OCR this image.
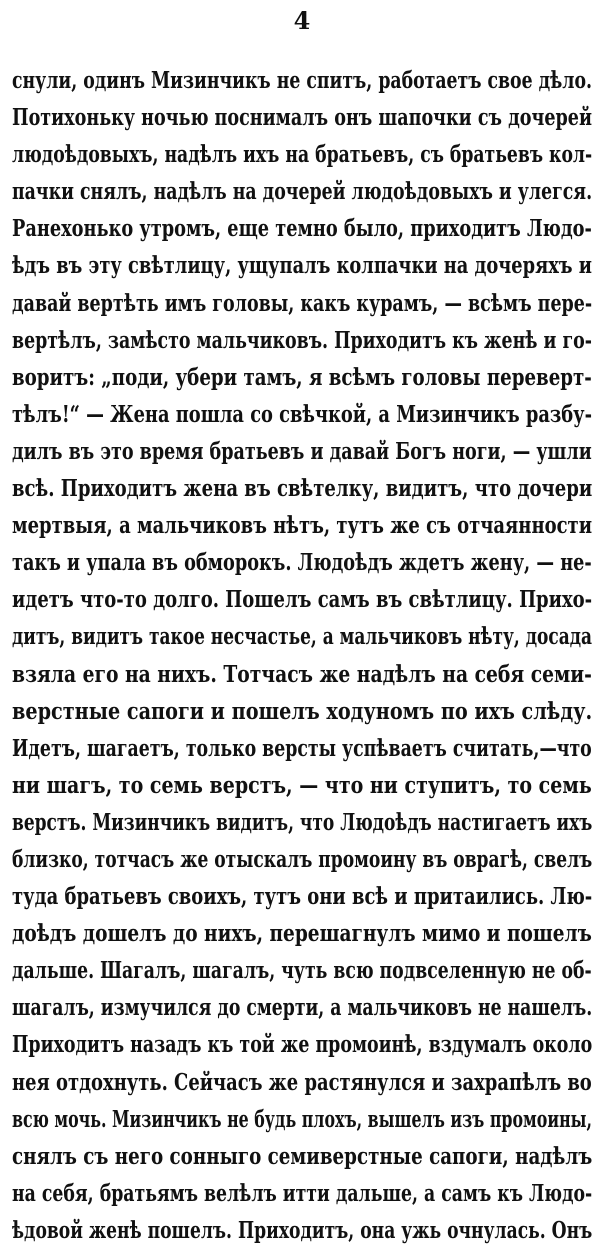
4
снули, одинъ Мизинчикъ не спитъ, работаетъ свое дѣло.
Потихоньку ночью поснималъ онъ шапочки съ дочерей
людоѣдовыхъ, надѣлъ ихъ на братьевъ, съ братьевъ кол-
пачки снялъ, надѣлъ на дочерей людоѣдовыхъ и улегся.
Ранехонько утромъ, еще темно было, приходитъ Людо-
ѣдъ въ эту свѣтлицу, ущупалъ колпачки на дочеряхъ и
давай вертѣть имъ головы, какъ курамъ, — всѣмъ пере-
вертѣлъ, замѣсто мальчиковъ. Приходитъ къ женѣ и го-
воритъ: „поди, убери тамъ, я всѣмъ головы переверт-
тѣлъ!“ — Жена пошла со свѣчкой, а Мизинчикъ разбу-
дилъ въ это время братьевъ и давай Богъ ноги, — ушли
всѣ. Приходитъ жена въ свѣтелку, видитъ, что дочери
мертвыя, а мальчиковъ нѣтъ, тутъ же съ отчаянности
такъ и упала въ обморокъ. Людоѣдъ ждетъ жену, — не-
идетъ что-то долго. Пошелъ самъ въ свѣтлицу. Прихо-
дитъ, видитъ такое несчастье, а мальчиковъ нѣту, досада
взяла его на нихъ. Тотчасъ же надѣлъ на себя семи-
верстные сапоги и пошелъ ходуномъ по ихъ слѣду.
Идетъ, шагаетъ, только версты успѣваетъ считать,—что
ни шагъ, то семь верстъ, — что ни ступитъ, то семь
верстъ. Мизинчикъ видитъ, что Людоѣдъ настигаетъ ихъ
близко, тотчасъ же отыскалъ промоину въ оврагѣ, свелъ
туда братьевъ своихъ, тутъ они всѣ и притаились. Лю-
доѣдъ дошелъ до нихъ, перешагнулъ мимо и пошелъ
дальше. Шагалъ, шагалъ, чуть всю подвселенную не об-
шагалъ, измучился до смерти, а мальчиковъ не нашелъ.
Приходитъ назадъ къ той же промоинѣ, вздумалъ около
нея отдохнуть. Сейчасъ же растянулся и захрапѣлъ во
всю мочь. Мизинчикъ не будь плохъ, вышелъ изъ промоины,
снялъ съ него сонныго семиверстные сапоги, надѣлъ
на себя, братьямъ велѣлъ итти дальше, а самъ къ Людо-
ѣдовой женѣ пошелъ. Приходитъ, она ужь очнулась. Онъ
